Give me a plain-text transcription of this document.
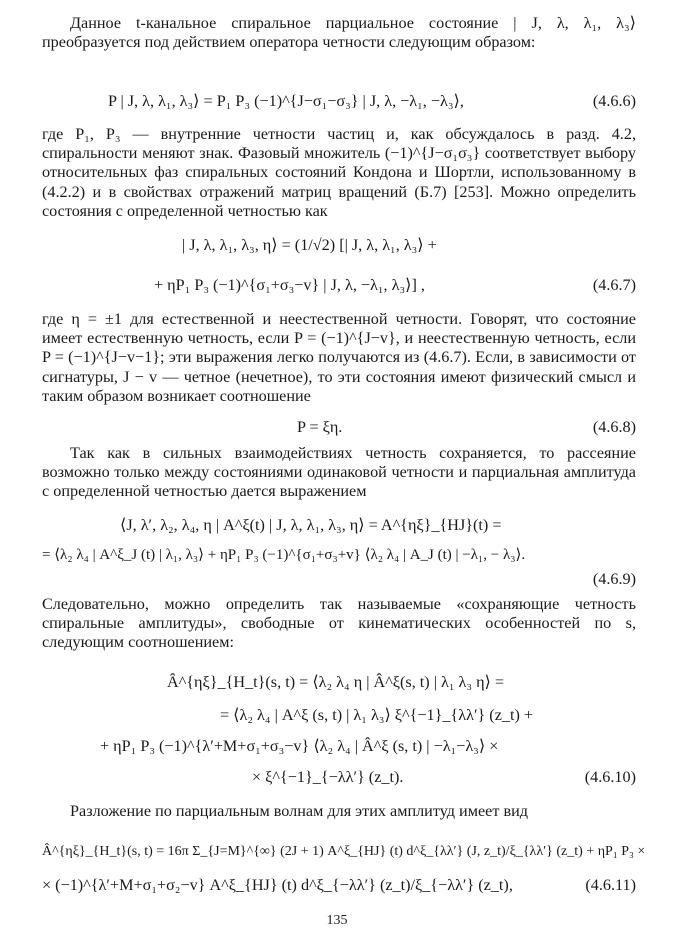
Данное t-канальное спиральное парциальное состояние | J, λ, λ₁, λ₃⟩ преобразуется под действием оператора четности следующим образом:

P | J, λ, λ₁, λ₃⟩ = P₁ P₃ (−1)^{J−σ₁−σ₃} | J, λ, −λ₁, −λ₃⟩,	(4.6.6)

где P₁, P₃ — внутренние четности частиц и, как обсуждалось в разд. 4.2, спиральности меняют знак. Фазовый множитель (−1)^{J−σ₁σ₃} соответствует выбору относительных фаз спиральных состояний Кондона и Шортли, использованному в (4.2.2) и в свойствах отражений матриц вращений (Б.7) [253]. Можно определить состояния с определенной четностью как

| J, λ, λ₁, λ₃, η⟩ = (1/√2) [| J, λ, λ₁, λ₃⟩ +
+ ηP₁ P₃ (−1)^{σ₁+σ₃−v} | J, λ, −λ₁, λ₃⟩] ,	(4.6.7)

где η = ±1 для естественной и неестественной четности. Говорят, что состояние имеет естественную четность, если P = (−1)^{J−v}, и неестественную четность, если P = (−1)^{J−v−1}; эти выражения легко получаются из (4.6.7). Если, в зависимости от сигнатуры, J − v — четное (нечетное), то эти состояния имеют физический смысл и таким образом возникает соотношение

P = ξη.	(4.6.8)

Так как в сильных взаимодействиях четность сохраняется, то рассеяние возможно только между состояниями одинаковой четности и парциальная амплитуда с определенной четностью дается выражением

⟨J, λ′, λ₂, λ₄, η | A^ξ(t) | J, λ, λ₁, λ₃, η⟩ = A^{ηξ}_{HJ}(t) =
= ⟨λ₂ λ₄ | A^ξ_J (t) | λ₁, λ₃⟩ + ηP₁ P₃ (−1)^{σ₁+σ₃+v} ⟨λ₂ λ₄ | A_J (t) | −λ₁, − λ₃⟩.
(4.6.9)

Следовательно, можно определить так называемые «сохраняющие четность спиральные амплитуды», свободные от кинематических особенностей по s, следующим соотношением:

Â^{ηξ}_{H_t}(s, t) = ⟨λ₂ λ₄ η | Â^ξ(s, t) | λ₁ λ₃ η⟩ =
= ⟨λ₂ λ₄ | A^ξ (s, t) | λ₁ λ₃⟩ ξ^{−1}_{λλ′} (z_t) +
+ ηP₁ P₃ (−1)^{λ′+M+σ₁+σ₃−v} ⟨λ₂ λ₄ | Â^ξ (s, t) | −λ₁−λ₃⟩ ×
× ξ^{−1}_{−λλ′} (z_t).	(4.6.10)

Разложение по парциальным волнам для этих амплитуд имеет вид

Â^{ηξ}_{H_t}(s, t) = 16π Σ_{J=M}^{∞} (2J + 1) A^ξ_{HJ} (t) d^ξ_{λλ′} (J, z_t)/ξ_{λλ′} (z_t) + ηP₁ P₃ ×
× (−1)^{λ′+M+σ₁+σ₂−v} A^ξ_{HJ} (t) d^ξ_{−λλ′} (z_t)/ξ_{−λλ′} (z_t),	(4.6.11)
135
